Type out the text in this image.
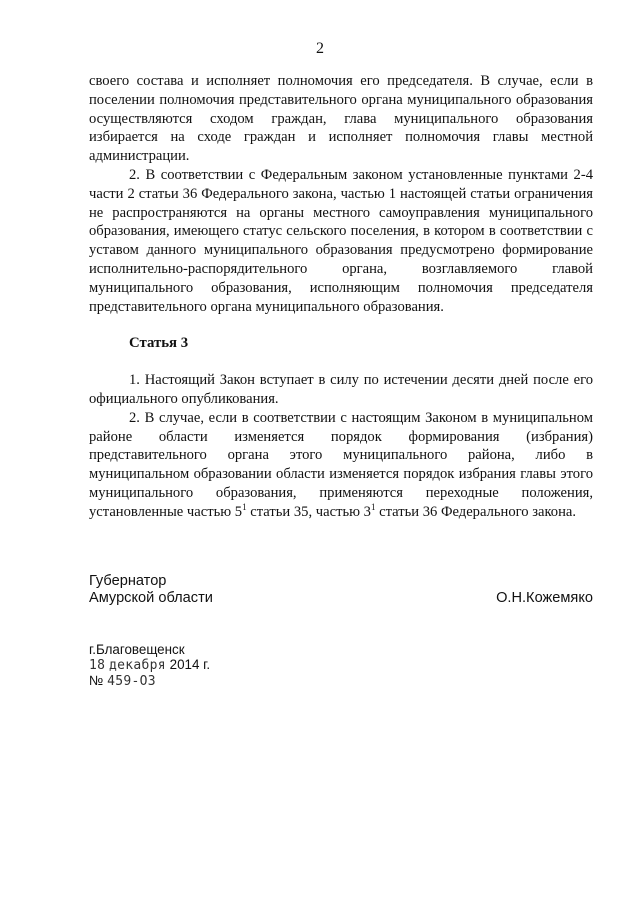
2

своего состава и исполняет полномочия его председателя. В случае, если в поселении полномочия представительного органа муниципального образования осуществляются сходом граждан, глава муниципального образования избирается на сходе граждан и исполняет полномочия главы местной администрации.

2. В соответствии с Федеральным законом установленные пунктами 2-4 части 2 статьи 36 Федерального закона, частью 1 настоящей статьи ограничения не распространяются на органы местного самоуправления муниципального образования, имеющего статус сельского поселения, в котором в соответствии с уставом данного муниципального образования предусмотрено формирование исполнительно-распорядительного органа, возглавляемого главой муниципального образования, исполняющим полномочия председателя представительного органа муниципального образования.

Статья 3

1. Настоящий Закон вступает в силу по истечении десяти дней после его официального опубликования.

2. В случае, если в соответствии с настоящим Законом в муниципальном районе области изменяется порядок формирования (избрания) представительного органа этого муниципального района, либо в муниципальном образовании области изменяется порядок избрания главы этого муниципального образования, применяются переходные положения, установленные частью $5^1$ статьи 35, частью $3^1$ статьи 36 Федерального закона.

Губернатор
Амурской области	О.Н.Кожемяко
г.Благовещенск
18 декабря 2014 г.
№ 459-ОЗ
